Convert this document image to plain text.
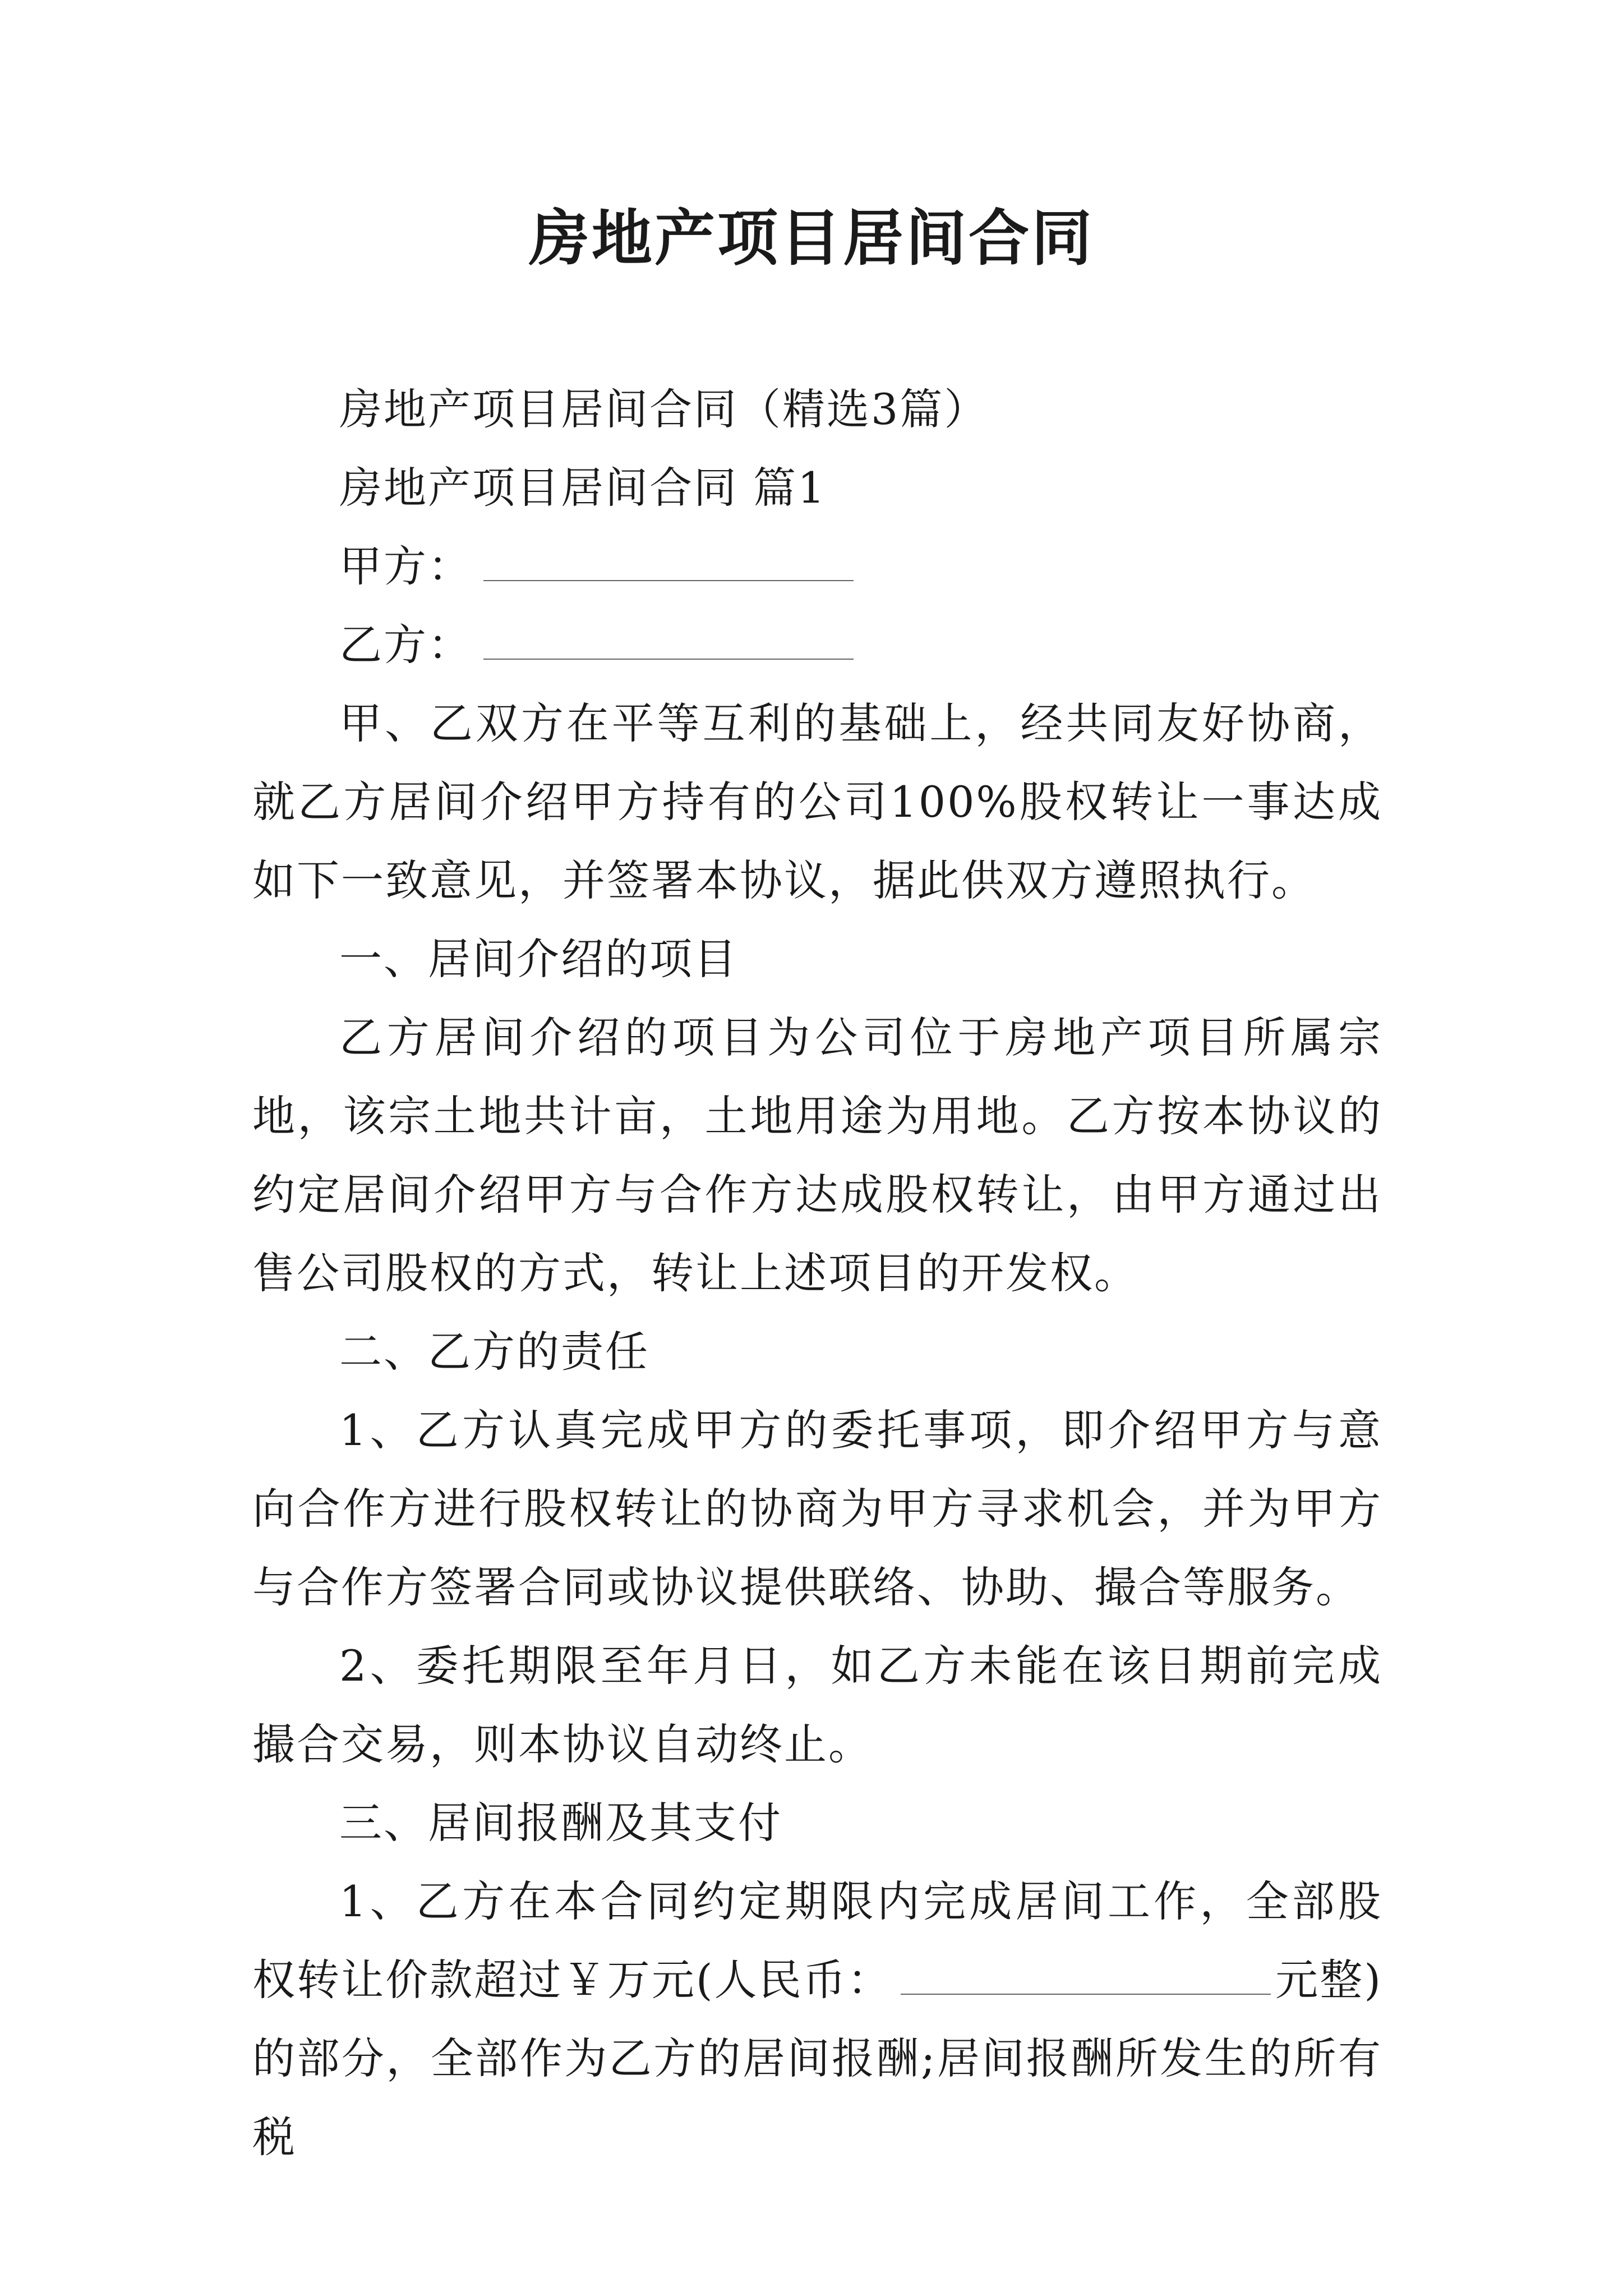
房地产项目居间合同

房地产项目居间合同（精选3篇）

房地产项目居间合同 篇1

甲方：

乙方：

甲、乙双方在平等互利的基础上，经共同友好协商，就乙方居间介绍甲方持有的公司100%股权转让一事达成如下一致意见，并签署本协议，据此供双方遵照执行。

一、居间介绍的项目

乙方居间介绍的项目为公司位于房地产项目所属宗地，该宗土地共计亩，土地用途为用地。乙方按本协议的约定居间介绍甲方与合作方达成股权转让，由甲方通过出售公司股权的方式，转让上述项目的开发权。

二、乙方的责任

1、乙方认真完成甲方的委托事项，即介绍甲方与意向合作方进行股权转让的协商为甲方寻求机会，并为甲方与合作方签署合同或协议提供联络、协助、撮合等服务。

2、委托期限至年月日，如乙方未能在该日期前完成撮合交易，则本协议自动终止。

三、居间报酬及其支付

1、乙方在本合同约定期限内完成居间工作，全部股权转让价款超过￥万元(人民币：	元整)的部分，全部作为乙方的居间报酬;居间报酬所发生的所有税
